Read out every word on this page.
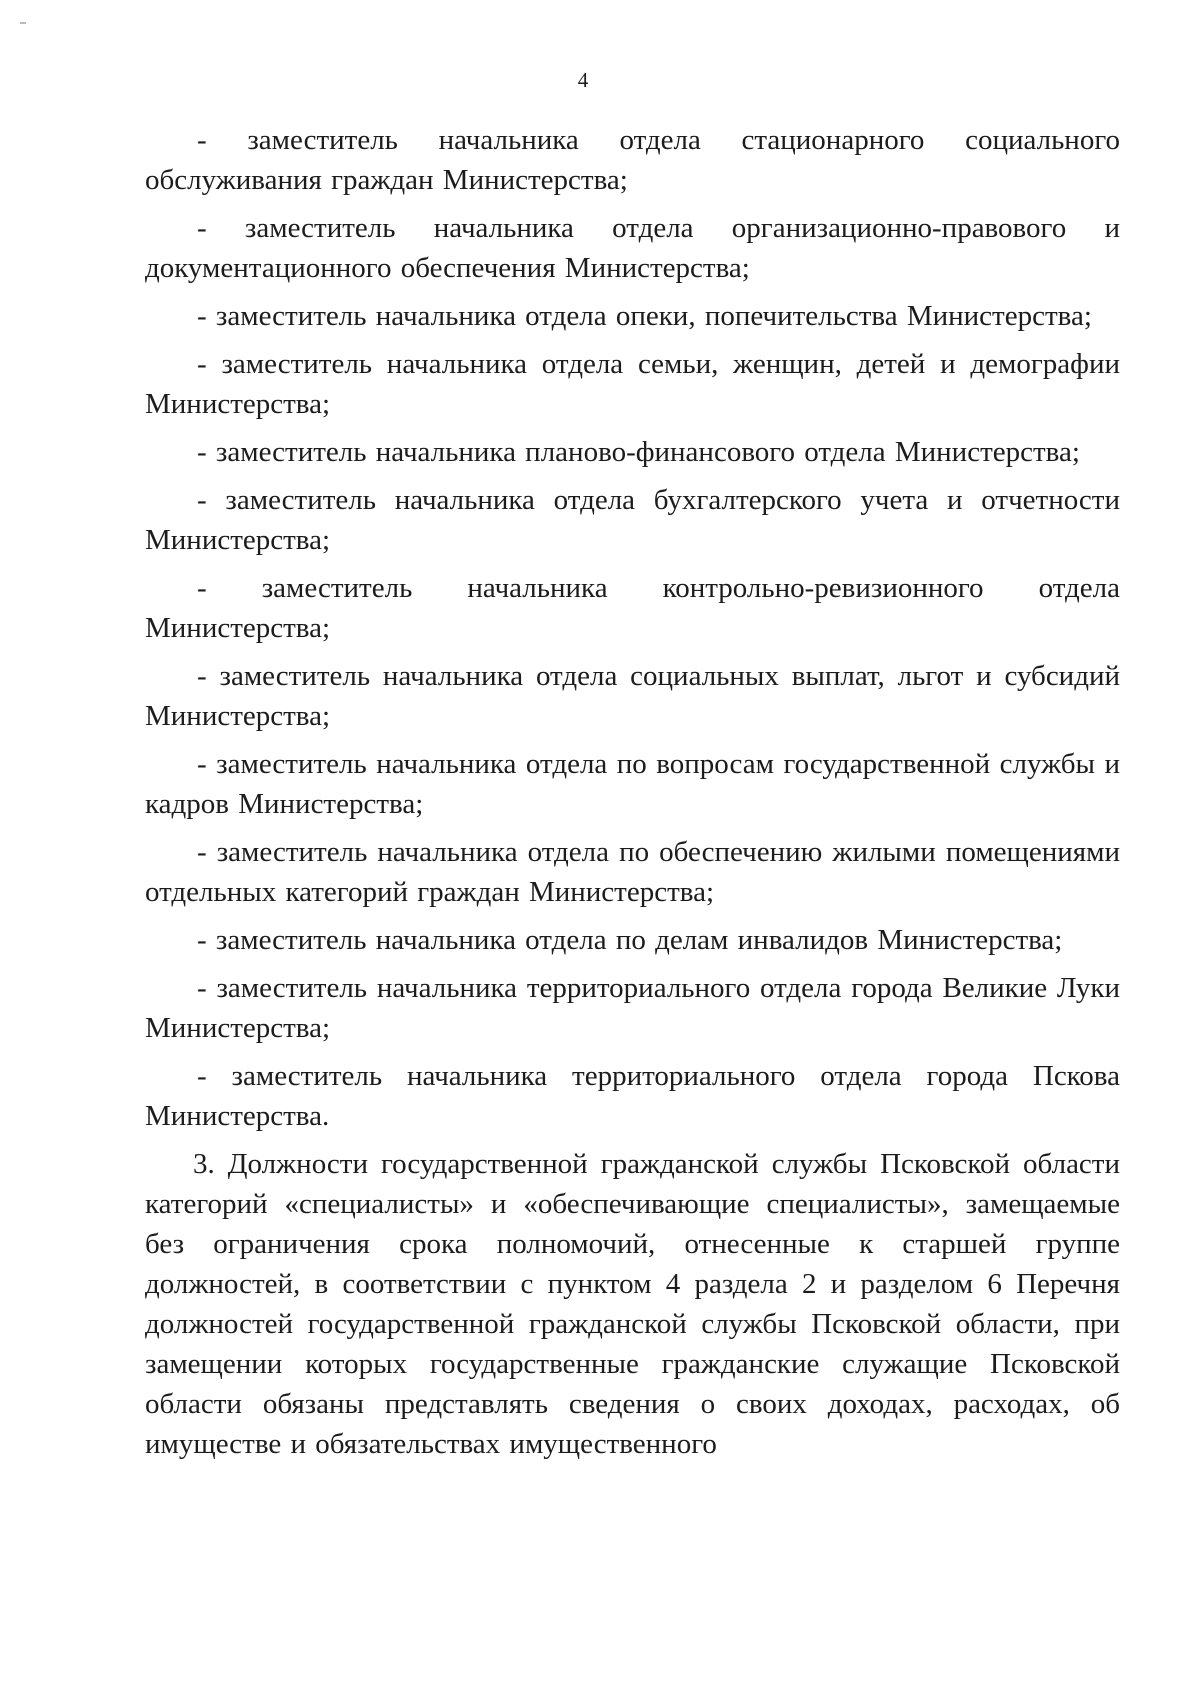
4

- заместитель начальника отдела стационарного социального обслуживания граждан Министерства;

- заместитель начальника отдела организационно-правового и документационного обеспечения Министерства;

- заместитель начальника отдела опеки, попечительства Министерства;

- заместитель начальника отдела семьи, женщин, детей и демографии Министерства;

- заместитель начальника планово-финансового отдела Министерства;

- заместитель начальника отдела бухгалтерского учета и отчетности Министерства;

- заместитель начальника контрольно-ревизионного отдела Министерства;

- заместитель начальника отдела социальных выплат, льгот и субсидий Министерства;

- заместитель начальника отдела по вопросам государственной службы и кадров Министерства;

- заместитель начальника отдела по обеспечению жилыми помещениями отдельных категорий граждан Министерства;

- заместитель начальника отдела по делам инвалидов Министерства;

- заместитель начальника территориального отдела города Великие Луки Министерства;

- заместитель начальника территориального отдела города Пскова Министерства.

3. Должности государственной гражданской службы Псковской области категорий «специалисты» и «обеспечивающие специалисты», замещаемые без ограничения срока полномочий, отнесенные к старшей группе должностей, в соответствии с пунктом 4 раздела 2 и разделом 6 Перечня должностей государственной гражданской службы Псковской области, при замещении которых государственные гражданские служащие Псковской области обязаны представлять сведения о своих доходах, расходах, об имуществе и обязательствах имущественного
